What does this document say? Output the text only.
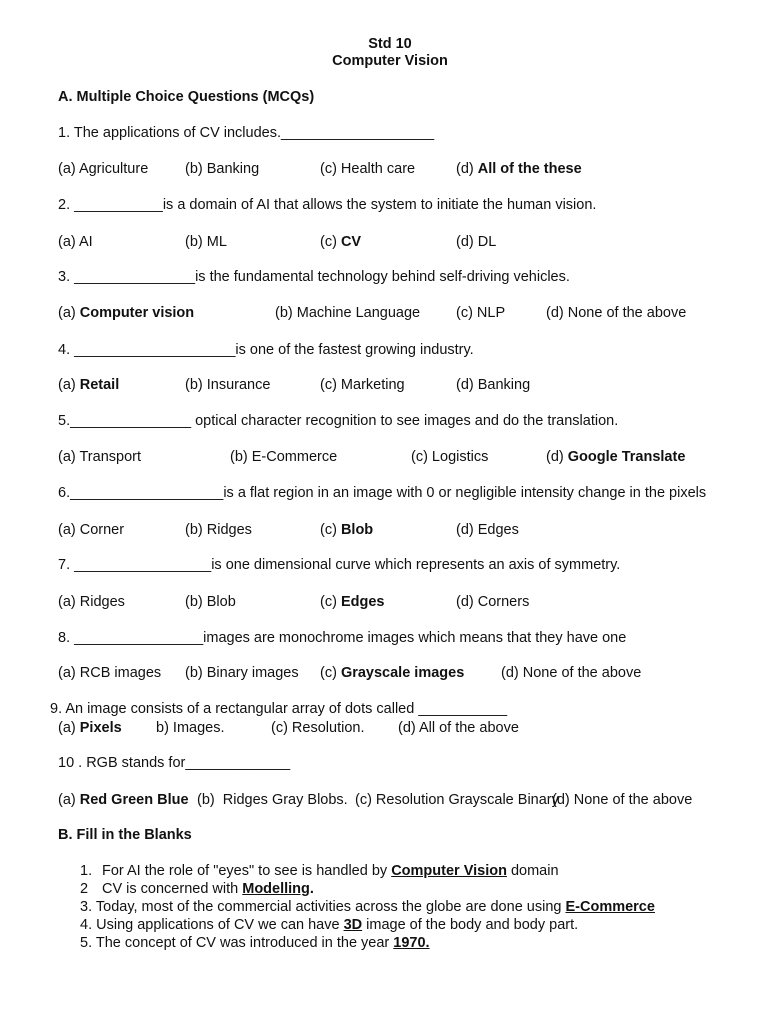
Std 10
Computer Vision
A. Multiple Choice Questions (MCQs)
1. The applications of CV includes.___________________

(a) Agriculture

	(b) Banking

	(c) Health care

	(d) All of the these

2. ___________is a domain of AI that allows the system to initiate the human vision.

(a) AI

	(b) ML

	(c) CV

	(d) DL

3. _______________is the fundamental technology behind self-driving vehicles.

(a) Computer vision

	(b) Machine Language

(c) NLP

	(d) None of the above

4. ____________________is one of the fastest growing industry.

(a) Retail

	(b) Insurance

	(c) Marketing

	(d) Banking

5._______________ optical character recognition to see images and do the translation.

(a) Transport

	(b) E-Commerce

	(c) Logistics

	(d) Google Translate

6.___________________is a flat region in an image with 0 or negligible intensity change in the pixels

(a) Corner

	(b) Ridges

	(c) Blob

	(d) Edges

7. _________________is one dimensional curve which represents an axis of symmetry.

(a) Ridges

	(b) Blob

	(c) Edges

	(d) Corners

8. ________________images are monochrome images which means that they have one

(a) RCB images

(b) Binary images

(c) Grayscale images

	(d) None of the above

9. An image consists of a rectangular array of dots called ___________

(a) Pixels

b) Images.

	(c) Resolution.

(d) All of the above

10 . RGB stands for_____________

(a) Red Green Blue

(b)  Ridges Gray Blobs.

(c) Resolution Grayscale Binary

(d) None of the above

B. Fill in the Blanks
1. For AI the role of "eyes" to see is handled by Computer Vision domain
2 CV is concerned with Modelling.
3. Today, most of the commercial activities across the globe are done using E-Commerce
4. Using applications of CV we can have 3D image of the body and body part.
5. The concept of CV was introduced in the year 1970.
